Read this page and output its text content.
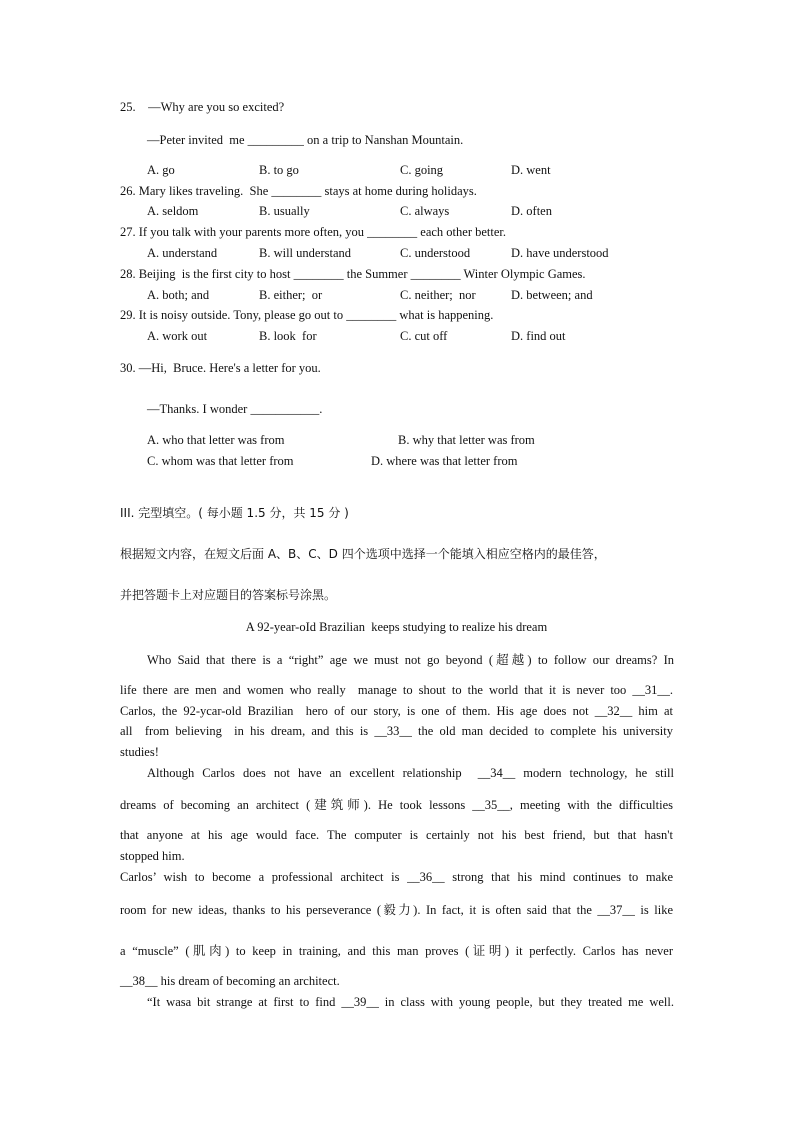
25.    —Why are you so excited?
—Peter invited  me _________ on a trip to Nanshan Mountain.
A. go	B. to go	C. going	D. went
26. Mary likes traveling.  She ________ stays at home during holidays.
A. seldom	B. usually	C. always	D. often
27. If you talk with your parents more often, you ________ each other better.
A. understand	B. will understand	C. understood	D. have understood
28. Beijing  is the first city to host ________ the Summer ________ Winter Olympic Games.
A. both; and	B. either;  or	C. neither;  nor	D. between; and
29. It is noisy outside. Tony, please go out to ________ what is happening.
A. work out	B. look  for	C. cut off	D. find out
30. —Hi,  Bruce. Here's a letter for you.
—Thanks. I wonder ___________.
A. who that letter was from	B. why that letter was from
C. whom was that letter from	D. where was that letter from
III. 完型填空。( 每小题 1.5 分，共 15 分 )
根据短文内容，在短文后面 A、B、C、D 四个选项中选择一个能填入相应空格内的最佳答，
并把答题卡上对应题目的答案标号涂黑。
A 92-year-oId Brazilian  keeps studying to realize his dream
Who Said that there is a “right” age we must not go beyond (超越) to follow our dreams? In
life there are men and women who really  manage to shout to the world that it is never too __31__.
Carlos, the 92-ycar-old Brazilian  hero of our story, is one of them. His age does not __32__ him at
all  from believing  in his dream, and this is __33__ the old man decided to complete his university
studies!
Although Carlos does not have an excellent relationship  __34__ modern technology, he still
dreams of becoming an architect (建筑师). He took lessons __35__, meeting with the difficulties
that anyone at his age would face. The computer is certainly not his best friend, but that hasn't
stopped him.
Carlos’ wish to become a professional architect is __36__ strong that his mind continues to make
room for new ideas, thanks to his perseverance (毅力). In fact, it is often said that the __37__ is like
a “muscle” (肌肉) to keep in training, and this man proves (证明) it perfectly. Carlos has never
__38__ his dream of becoming an architect.
“It wasa bit strange at first to find __39__ in class with young people, but they treated me well.
